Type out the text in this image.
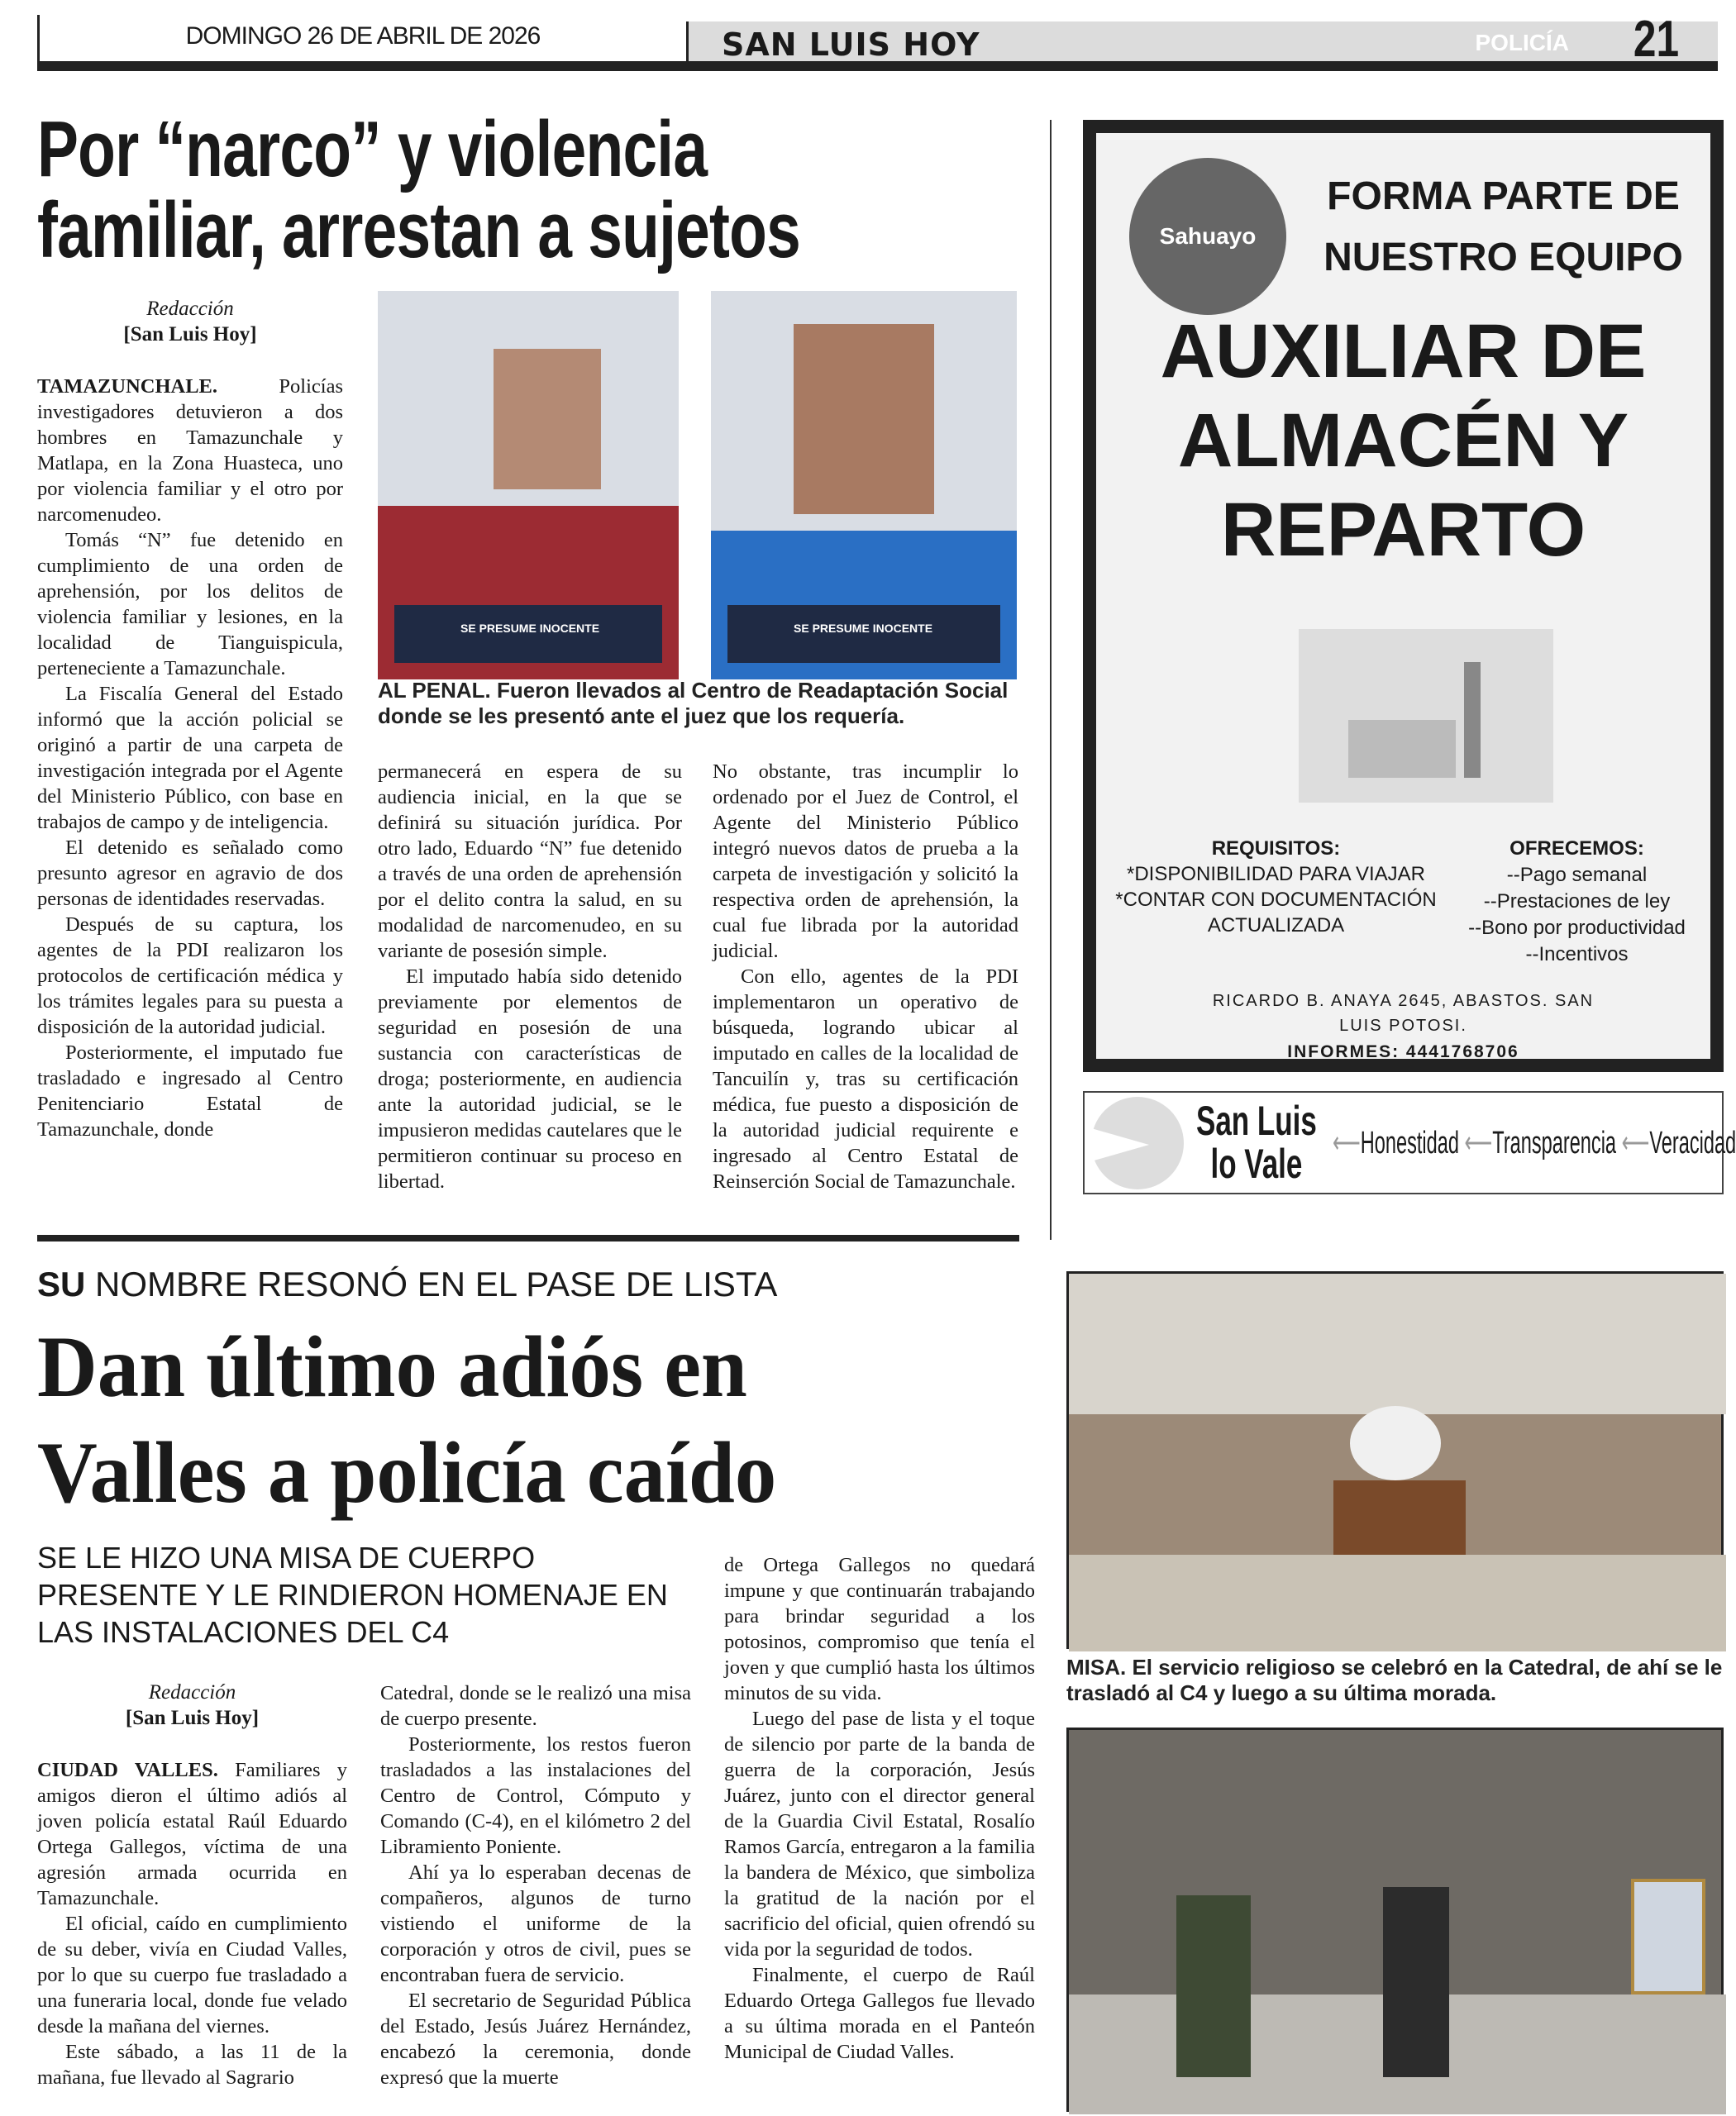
DOMINGO 26 DE ABRIL DE 2026	SAN LUIS HOY	POLICÍA 21
Por “narco” y violencia
familiar, arrestan a sujetos
Redacción
[San Luis Hoy]

TAMAZUNCHALE.	Policías investigadores detuvieron a dos hombres en Tamazunchale y Matlapa, en la Zona Huasteca, uno por violencia familiar y el otro por narcomenudeo.

Tomás “N” fue detenido en cumplimiento de una orden de aprehensión, por los delitos de violencia familiar y lesiones, en la localidad de Tianguispicula, perteneciente a Tamazunchale.

La Fiscalía General del Estado informó que la acción policial se originó a partir de una carpeta de investigación integrada por el Agente del Ministerio Público, con base en trabajos de campo y de inteligencia.

El detenido es señalado como presunto agresor en agravio de dos personas de identidades reservadas.

Después de su captura, los agentes de la PDI realizaron los protocolos de certificación médica y los trámites legales para su puesta a disposición de la autoridad judicial.

Posteriormente, el imputado fue trasladado e ingresado al Centro Penitenciario Estatal de Tamazunchale, donde

SE PRESUME INOCENTE	SE PRESUME INOCENTE
AL PENAL. Fueron llevados al Centro de Readaptación Social donde se les presentó ante el juez que los requería.

permanecerá en espera de su audiencia inicial, en la que se definirá su situación jurídica. Por otro lado, Eduardo “N” fue detenido a través de una orden de aprehensión por el delito contra la salud, en su modalidad de narcomenudeo, en su variante de posesión simple.

El imputado había sido detenido previamente por elementos de seguridad en posesión de una sustancia con características de droga; posteriormente, en audiencia ante la autoridad judicial, se le impusieron medidas cautelares que le permitieron continuar su proceso en libertad.

No obstante, tras incumplir lo ordenado por el Juez de Control, el Agente del Ministerio Público integró nuevos datos de prueba a la carpeta de investigación y solicitó la respectiva orden de aprehensión, la cual fue librada por la autoridad judicial.

Con ello, agentes de la PDI implementaron un operativo de búsqueda, logrando ubicar al imputado en calles de la localidad de Tancuilín y, tras su certificación médica, fue puesto a disposición de la autoridad judicial requirente e ingresado al Centro Estatal de Reinserción Social de Tamazunchale.

Sahuayo
FORMA PARTE DE
NUESTRO EQUIPO
AUXILIAR DE
ALMACÉN Y
REPARTO
REQUISITOS:
*DISPONIBILIDAD PARA VIAJAR
*CONTAR CON DOCUMENTACIÓN
ACTUALIZADA
OFRECEMOS:
--Pago semanal
--Prestaciones de ley
--Bono por productividad
--Incentivos
RICARDO B. ANAYA 2645, ABASTOS. SAN
LUIS POTOSI.
INFORMES: 4441768706
San Luis
lo Vale ⟵Honestidad ⟵Transparencia ⟵Veracidad
SU NOMBRE RESONÓ EN EL PASE DE LISTA
Dan último adiós en
Valles a policía caído
SE LE HIZO UNA MISA DE CUERPO
PRESENTE Y LE RINDIERON HOMENAJE EN
LAS INSTALACIONES DEL C4
Redacción
[San Luis Hoy]

CIUDAD VALLES. Familiares y amigos dieron el último adiós al joven policía estatal Raúl Eduardo Ortega Gallegos, víctima de una agresión armada ocurrida en Tamazunchale.

El oficial, caído en cumplimiento de su deber, vivía en Ciudad Valles, por lo que su cuerpo fue trasladado a una funeraria local, donde fue velado desde la mañana del viernes.

Este sábado, a las 11 de la mañana, fue llevado al Sagrario

Catedral, donde se le realizó una misa de cuerpo presente.

Posteriormente, los restos fueron trasladados a las instalaciones del Centro de Control, Cómputo y Comando (C-4), en el kilómetro 2 del Libramiento Poniente.

Ahí ya lo esperaban decenas de compañeros, algunos de turno vistiendo el uniforme de la corporación y otros de civil, pues se encontraban fuera de servicio.

El secretario de Seguridad Pública del Estado, Jesús Juárez Hernández, encabezó la ceremonia, donde expresó que la muerte

de Ortega Gallegos no quedará impune y que continuarán trabajando para brindar seguridad a los potosinos, compromiso que tenía el joven y que cumplió hasta los últimos minutos de su vida.

Luego del pase de lista y el toque de silencio por parte de la banda de guerra de la corporación, Jesús Juárez, junto con el director general de la Guardia Civil Estatal, Rosalío Ramos García, entregaron a la familia la bandera de México, que simboliza la gratitud de la nación por el sacrificio del oficial, quien ofrendó su vida por la seguridad de todos.

Finalmente, el cuerpo de Raúl Eduardo Ortega Gallegos fue llevado a su última morada en el Panteón Municipal de Ciudad Valles.

MISA. El servicio religioso se celebró en la Catedral, de ahí se le trasladó al C4 y luego a su última morada.
